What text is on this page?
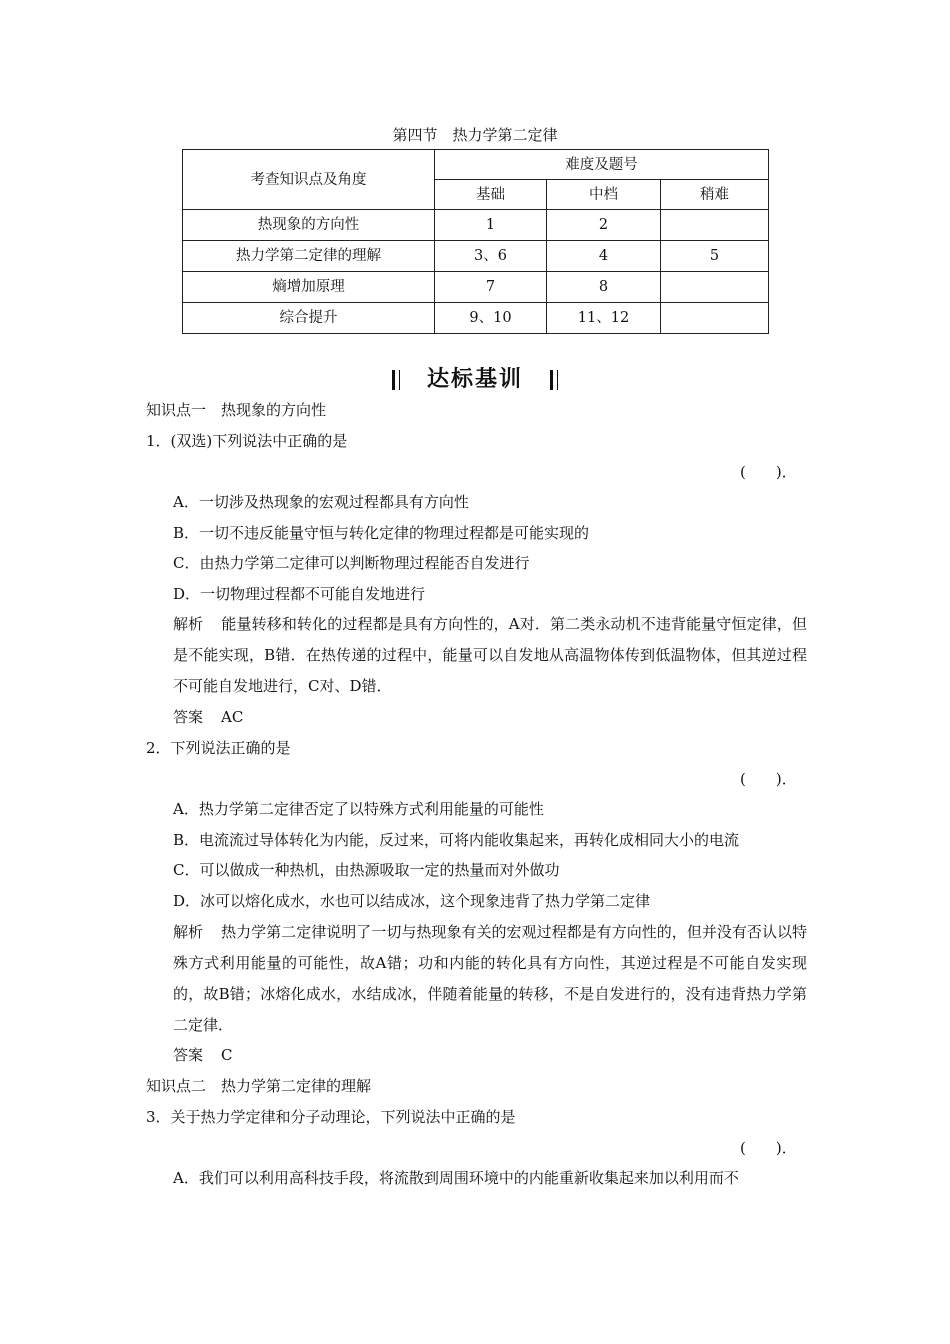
第四节　热力学第二定律
考查知识点及角度	难度及题号		
	基础	中档	稍难
热现象的方向性	1	2	
热力学第二定律的理解	3、6	4	5
熵增加原理	7	8	
综合提升	9、10	11、12	
达标基训
知识点一　热现象的方向性
1．(双选)下列说法中正确的是
(　　)．
A．一切涉及热现象的宏观过程都具有方向性
B．一切不违反能量守恒与转化定律的物理过程都是可能实现的
C．由热力学第二定律可以判断物理过程能否自发进行
D．一切物理过程都不可能自发地进行
解析 能量转移和转化的过程都是具有方向性的，A对．第二类永动机不违背能量守恒定律，但是不能实现，B错．在热传递的过程中，能量可以自发地从高温物体传到低温物体，但其逆过程不可能自发地进行，C对、D错．
答案 AC
2．下列说法正确的是
(　　)．
A．热力学第二定律否定了以特殊方式利用能量的可能性
B．电流流过导体转化为内能，反过来，可将内能收集起来，再转化成相同大小的电流
C．可以做成一种热机，由热源吸取一定的热量而对外做功
D．冰可以熔化成水，水也可以结成冰，这个现象违背了热力学第二定律
解析 热力学第二定律说明了一切与热现象有关的宏观过程都是有方向性的，但并没有否认以特殊方式利用能量的可能性，故A错；功和内能的转化具有方向性，其逆过程是不可能自发实现的，故B错；冰熔化成水，水结成冰，伴随着能量的转移，不是自发进行的，没有违背热力学第二定律．
答案 C
知识点二　热力学第二定律的理解
3．关于热力学定律和分子动理论，下列说法中正确的是
(　　)．
A．我们可以利用高科技手段，将流散到周围环境中的内能重新收集起来加以利用而不
